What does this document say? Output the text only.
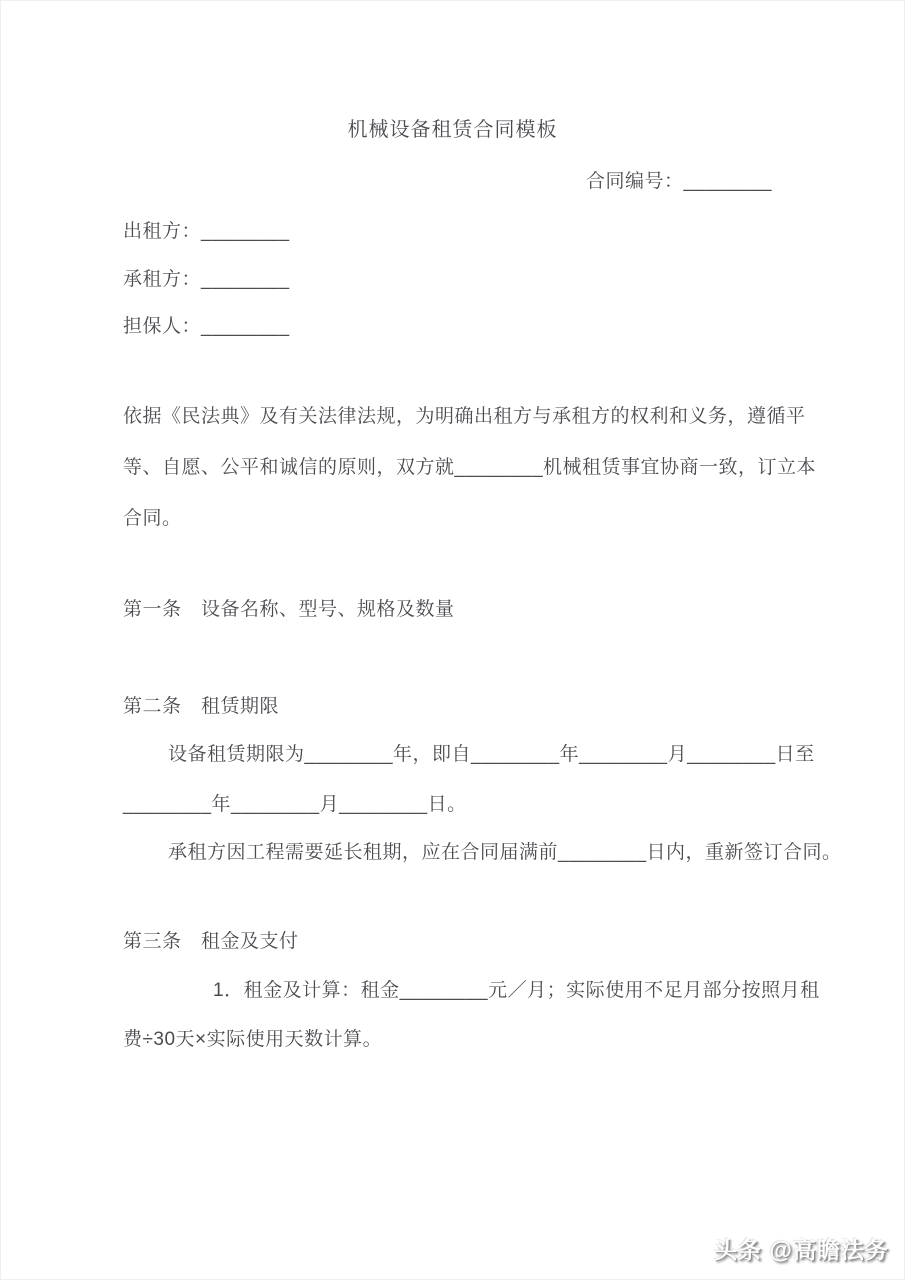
机械设备租赁合同模板
合同编号：________
出租方：________
承租方：________
担保人：________
依据《民法典》及有关法律法规，为明确出租方与承租方的权利和义务，遵循平
等、自愿、公平和诚信的原则，双方就________机械租赁事宜协商一致，订立本
合同。
第一条　设备名称、型号、规格及数量
第二条　租赁期限
设备租赁期限为________年，即自________年________月________日至
________年________月________日。
承租方因工程需要延长租期，应在合同届满前________日内，重新签订合同。
第三条　租金及支付
1．租金及计算：租金________元／月；实际使用不足月部分按照月租
费÷30天×实际使用天数计算。
头条 @高瞻法务
